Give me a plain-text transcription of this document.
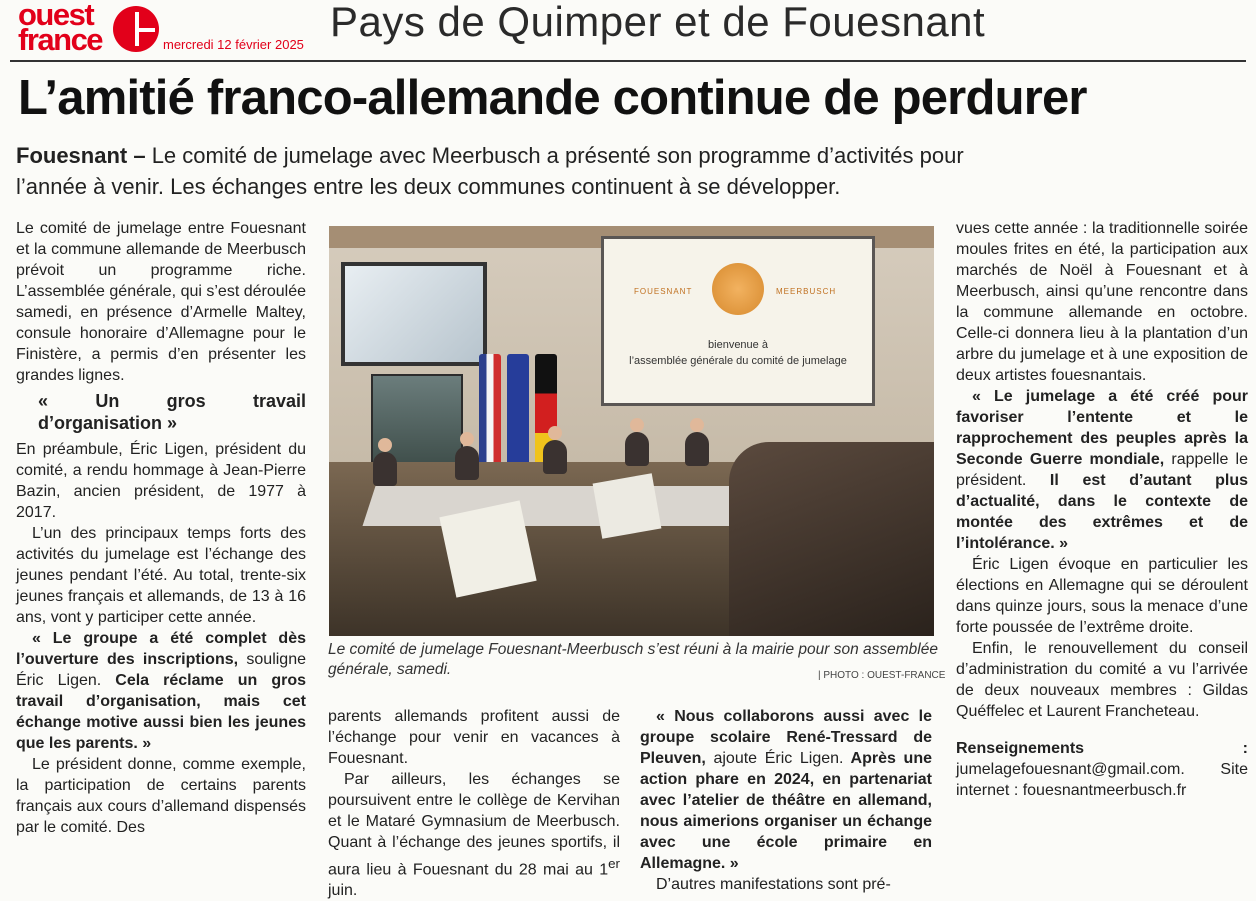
ouest
france	mercredi 12 février 2025 Pays de Quimper et de Fouesnant
L’amitié franco-allemande continue de perdurer
Fouesnant – Le comité de jumelage avec Meerbusch a présenté son programme d’activités pour l’année à venir. Les échanges entre les deux communes continuent à se développer.

Le comité de jumelage entre Fouesnant et la commune allemande de Meerbusch prévoit un programme riche. L’assemblée générale, qui s’est déroulée samedi, en présence d’Armelle Maltey, consule honoraire d’Allemagne pour le Finistère, a permis d’en présenter les grandes lignes.

« Un gros travail d’organisation »

En préambule, Éric Ligen, président du comité, a rendu hommage à Jean-Pierre Bazin, ancien président, de 1977 à 2017.

L’un des principaux temps forts des activités du jumelage est l’échange des jeunes pendant l’été. Au total, trente-six jeunes français et allemands, de 13 à 16 ans, vont y participer cette année.

« Le groupe a été complet dès l’ouverture des inscriptions, souligne Éric Ligen. Cela réclame un gros travail d’organisation, mais cet échange motive aussi bien les jeunes que les parents. »

Le président donne, comme exemple, la participation de certains parents français aux cours d’allemand dispensés par le comité. Des

FOUESNANT	MEERBUSCH
bienvenue à
l’assemblée générale du comité de jumelage
Le comité de jumelage Fouesnant-Meerbusch s’est réuni à la mairie pour son assemblée générale, samedi.	| PHOTO : OUEST-FRANCE

parents allemands profitent aussi de l’échange pour venir en vacances à Fouesnant.

Par ailleurs, les échanges se poursuivent entre le collège de Kervihan et le Mataré Gymnasium de Meerbusch. Quant à l’échange des jeunes sportifs, il aura lieu à Fouesnant du 28 mai au 1er juin.

« Nous collaborons aussi avec le groupe scolaire René-Tressard de Pleuven, ajoute Éric Ligen. Après une action phare en 2024, en partenariat avec l’atelier de théâtre en allemand, nous aimerions organiser un échange avec une école primaire en Allemagne. »

D’autres manifestations sont pré-

vues cette année : la traditionnelle soirée moules frites en été, la participation aux marchés de Noël à Fouesnant et à Meerbusch, ainsi qu’une rencontre dans la commune allemande en octobre. Celle-ci donnera lieu à la plantation d’un arbre du jumelage et à une exposition de deux artistes fouesnantais.

« Le jumelage a été créé pour favoriser l’entente et le rapprochement des peuples après la Seconde Guerre mondiale, rappelle le président. Il est d’autant plus d’actualité, dans le contexte de montée des extrêmes et de l’intolérance. »

Éric Ligen évoque en particulier les élections en Allemagne qui se déroulent dans quinze jours, sous la menace d’une forte poussée de l’extrême droite.

Enfin, le renouvellement du conseil d’administration du comité a vu l’arrivée de deux nouveaux membres : Gildas Quéffelec et Laurent Francheteau.

Renseignements : jumelagefouesnant@gmail.com. Site internet : fouesnantmeerbusch.fr
